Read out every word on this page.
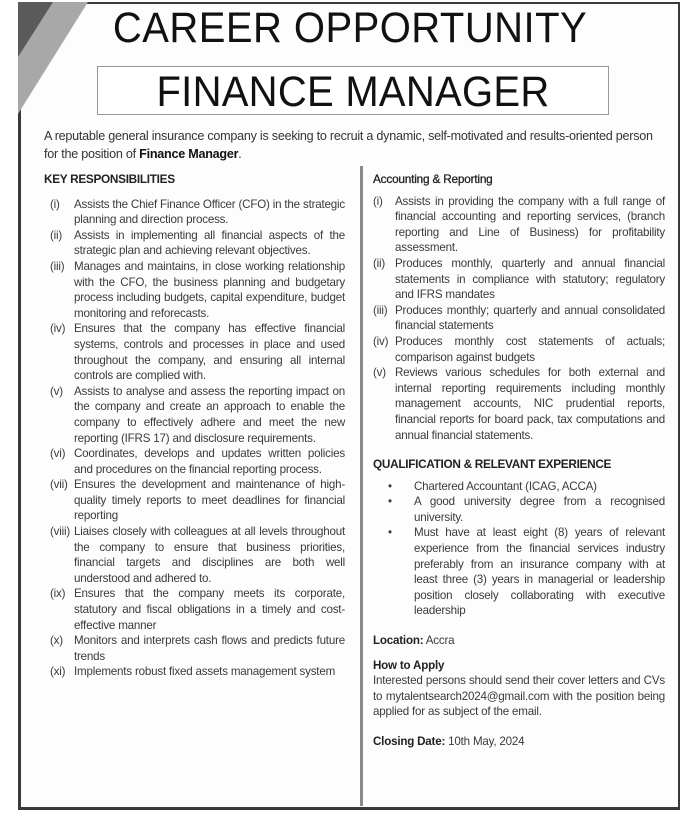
CAREER OPPORTUNITY
FINANCE MANAGER
A reputable general insurance company is seeking to recruit a dynamic, self-motivated and results-oriented person for the position of Finance Manager.
KEY RESPONSIBILITIES
(i)	Assists the Chief Finance Officer (CFO) in the strategic planning and direction process.
(ii)	Assists in implementing all financial aspects of the strategic plan and achieving relevant objectives.
(iii) Manages and maintains, in close working relationship with the CFO, the business planning and budgetary process including budgets, capital expenditure, budget monitoring and reforecasts.
(iv) Ensures that the company has effective financial systems, controls and processes in place and used throughout the company, and ensuring all internal controls are complied with.
(v) Assists to analyse and assess the reporting impact on the company and create an approach to enable the company to effectively adhere and meet the new reporting (IFRS 17) and disclosure requirements.
(vi) Coordinates, develops and updates written policies and procedures on the financial reporting process.
(vii) Ensures the development and maintenance of high-quality timely reports to meet deadlines for financial reporting
(viii) Liaises closely with colleagues at all levels throughout the company to ensure that business priorities, financial targets and disciplines are both well understood and adhered to.
(ix) Ensures that the company meets its corporate, statutory and fiscal obligations in a timely and cost-effective manner
(x) Monitors and interprets cash flows and predicts future trends
(xi) Implements robust fixed assets management system
Accounting & Reporting
(i)	Assists in providing the company with a full range of financial accounting and reporting services, (branch reporting and Line of Business) for profitability assessment.
(ii) Produces monthly, quarterly and annual financial statements in compliance with statutory; regulatory and IFRS mandates
(iii) Produces monthly; quarterly and annual consolidated financial statements
(iv) Produces monthly cost statements of actuals; comparison against budgets
(v) Reviews various schedules for both external and internal reporting requirements including monthly management accounts, NIC prudential reports, financial reports for board pack, tax computations and annual financial statements.
QUALIFICATION & RELEVANT EXPERIENCE
•	Chartered Accountant (ICAG, ACCA)
•	A good university degree from a recognised university.
•	Must have at least eight (8) years of relevant experience from the financial services industry preferably from an insurance company with at least three (3) years in managerial or leadership position closely collaborating with executive leadership
Location: Accra
How to Apply
Interested persons should send their cover letters and CVs to mytalentsearch2024@gmail.com with the position being applied for as subject of the email.
Closing Date: 10th May, 2024
